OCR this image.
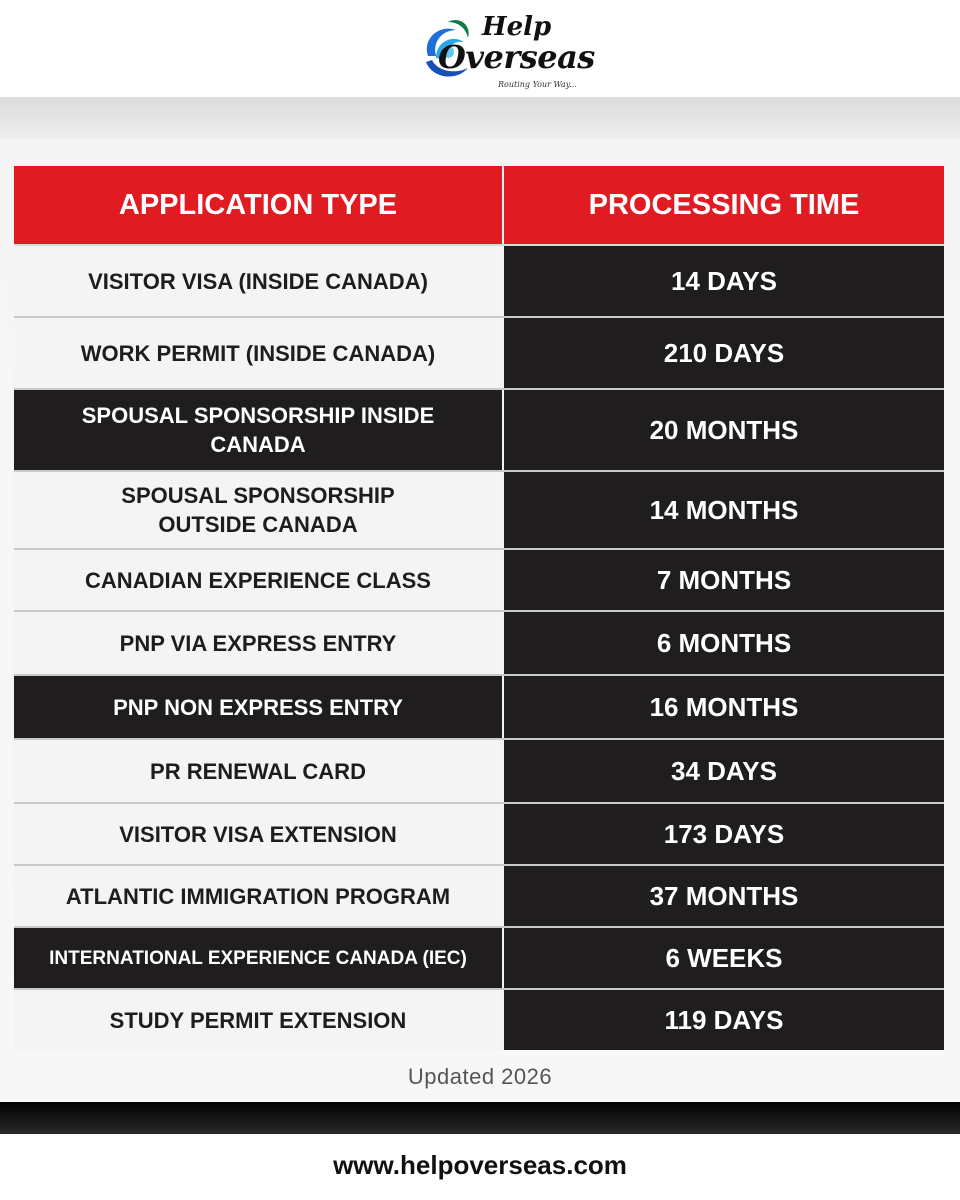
Help
Overseas
Routing Your Way...
APPLICATION TYPE	PROCESSING TIME
VISITOR VISA (INSIDE CANADA)	14 DAYS
WORK PERMIT (INSIDE CANADA)	210 DAYS
SPOUSAL SPONSORSHIP INSIDE CANADA	20 MONTHS
SPOUSAL SPONSORSHIP OUTSIDE CANADA	14 MONTHS
CANADIAN EXPERIENCE CLASS	7 MONTHS
PNP VIA EXPRESS ENTRY	6 MONTHS
PNP NON EXPRESS ENTRY	16 MONTHS
PR RENEWAL CARD	34 DAYS
VISITOR VISA EXTENSION	173 DAYS
ATLANTIC IMMIGRATION PROGRAM	37 MONTHS
INTERNATIONAL EXPERIENCE CANADA (IEC)	6 WEEKS
STUDY PERMIT EXTENSION	119 DAYS
Updated 2026
www.helpoverseas.com
